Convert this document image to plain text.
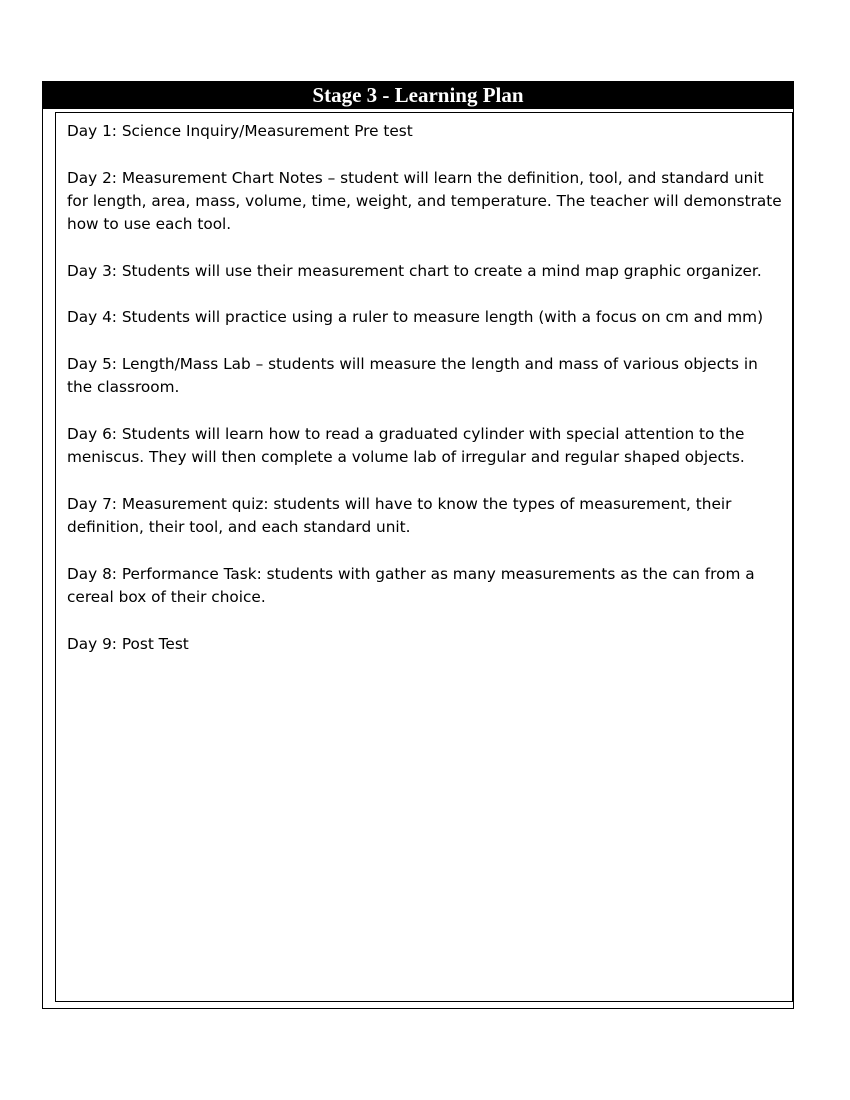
Stage 3 - Learning Plan
Day 1: Science Inquiry/Measurement Pre test
Day 2: Measurement Chart Notes – student will learn the definition, tool, and standard unit for length, area, mass, volume, time, weight, and temperature. The teacher will demonstrate how to use each tool.
Day 3: Students will use their measurement chart to create a mind map graphic organizer.
Day 4: Students will practice using a ruler to measure length (with a focus on cm and mm)
Day 5: Length/Mass Lab – students will measure the length and mass of various objects in the classroom.
Day 6: Students will learn how to read a graduated cylinder with special attention to the meniscus. They will then complete a volume lab of irregular and regular shaped objects.
Day 7: Measurement quiz: students will have to know the types of measurement, their definition, their tool, and each standard unit.
Day 8: Performance Task: students with gather as many measurements as the can from a cereal box of their choice.
Day 9: Post Test
